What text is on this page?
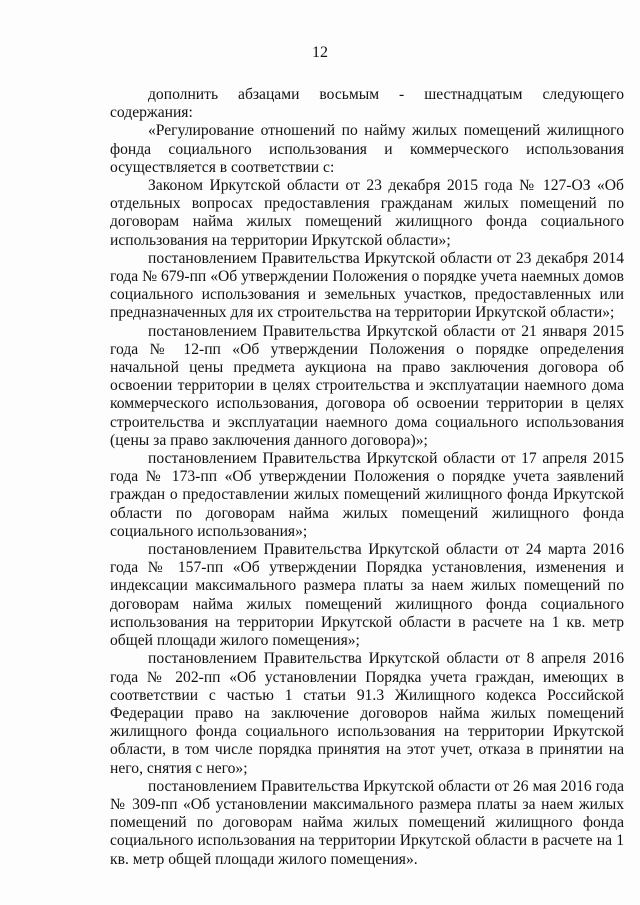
12

дополнить абзацами восьмым - шестнадцатым следующего содержания:

«Регулирование отношений по найму жилых помещений жилищного фонда социального использования и коммерческого использования осуществляется в соответствии с:

Законом Иркутской области от 23 декабря 2015 года № 127-ОЗ «Об отдельных вопросах предоставления гражданам жилых помещений по договорам найма жилых помещений жилищного фонда социального использования на территории Иркутской области»;

постановлением Правительства Иркутской области от 23 декабря 2014 года № 679-пп «Об утверждении Положения о порядке учета наемных домов социального использования и земельных участков, предоставленных или предназначенных для их строительства на территории Иркутской области»;

постановлением Правительства Иркутской области от 21 января 2015 года № 12-пп «Об утверждении Положения о порядке определения начальной цены предмета аукциона на право заключения договора об освоении территории в целях строительства и эксплуатации наемного дома коммерческого использования, договора об освоении территории в целях строительства и эксплуатации наемного дома социального использования (цены за право заключения данного договора)»;

постановлением Правительства Иркутской области от 17 апреля 2015 года № 173-пп «Об утверждении Положения о порядке учета заявлений граждан о предоставлении жилых помещений жилищного фонда Иркутской области по договорам найма жилых помещений жилищного фонда социального использования»;

постановлением Правительства Иркутской области от 24 марта 2016 года № 157-пп «Об утверждении Порядка установления, изменения и индексации максимального размера платы за наем жилых помещений по договорам найма жилых помещений жилищного фонда социального использования на территории Иркутской области в расчете на 1 кв. метр общей площади жилого помещения»;

постановлением Правительства Иркутской области от 8 апреля 2016 года № 202-пп «Об установлении Порядка учета граждан, имеющих в соответствии с частью 1 статьи 91.3 Жилищного кодекса Российской Федерации право на заключение договоров найма жилых помещений жилищного фонда социального использования на территории Иркутской области, в том числе порядка принятия на этот учет, отказа в принятии на него, снятия с него»;

постановлением Правительства Иркутской области от 26 мая 2016 года № 309-пп «Об установлении максимального размера платы за наем жилых помещений по договорам найма жилых помещений жилищного фонда социального использования на территории Иркутской области в расчете на 1 кв. метр общей площади жилого помещения».
